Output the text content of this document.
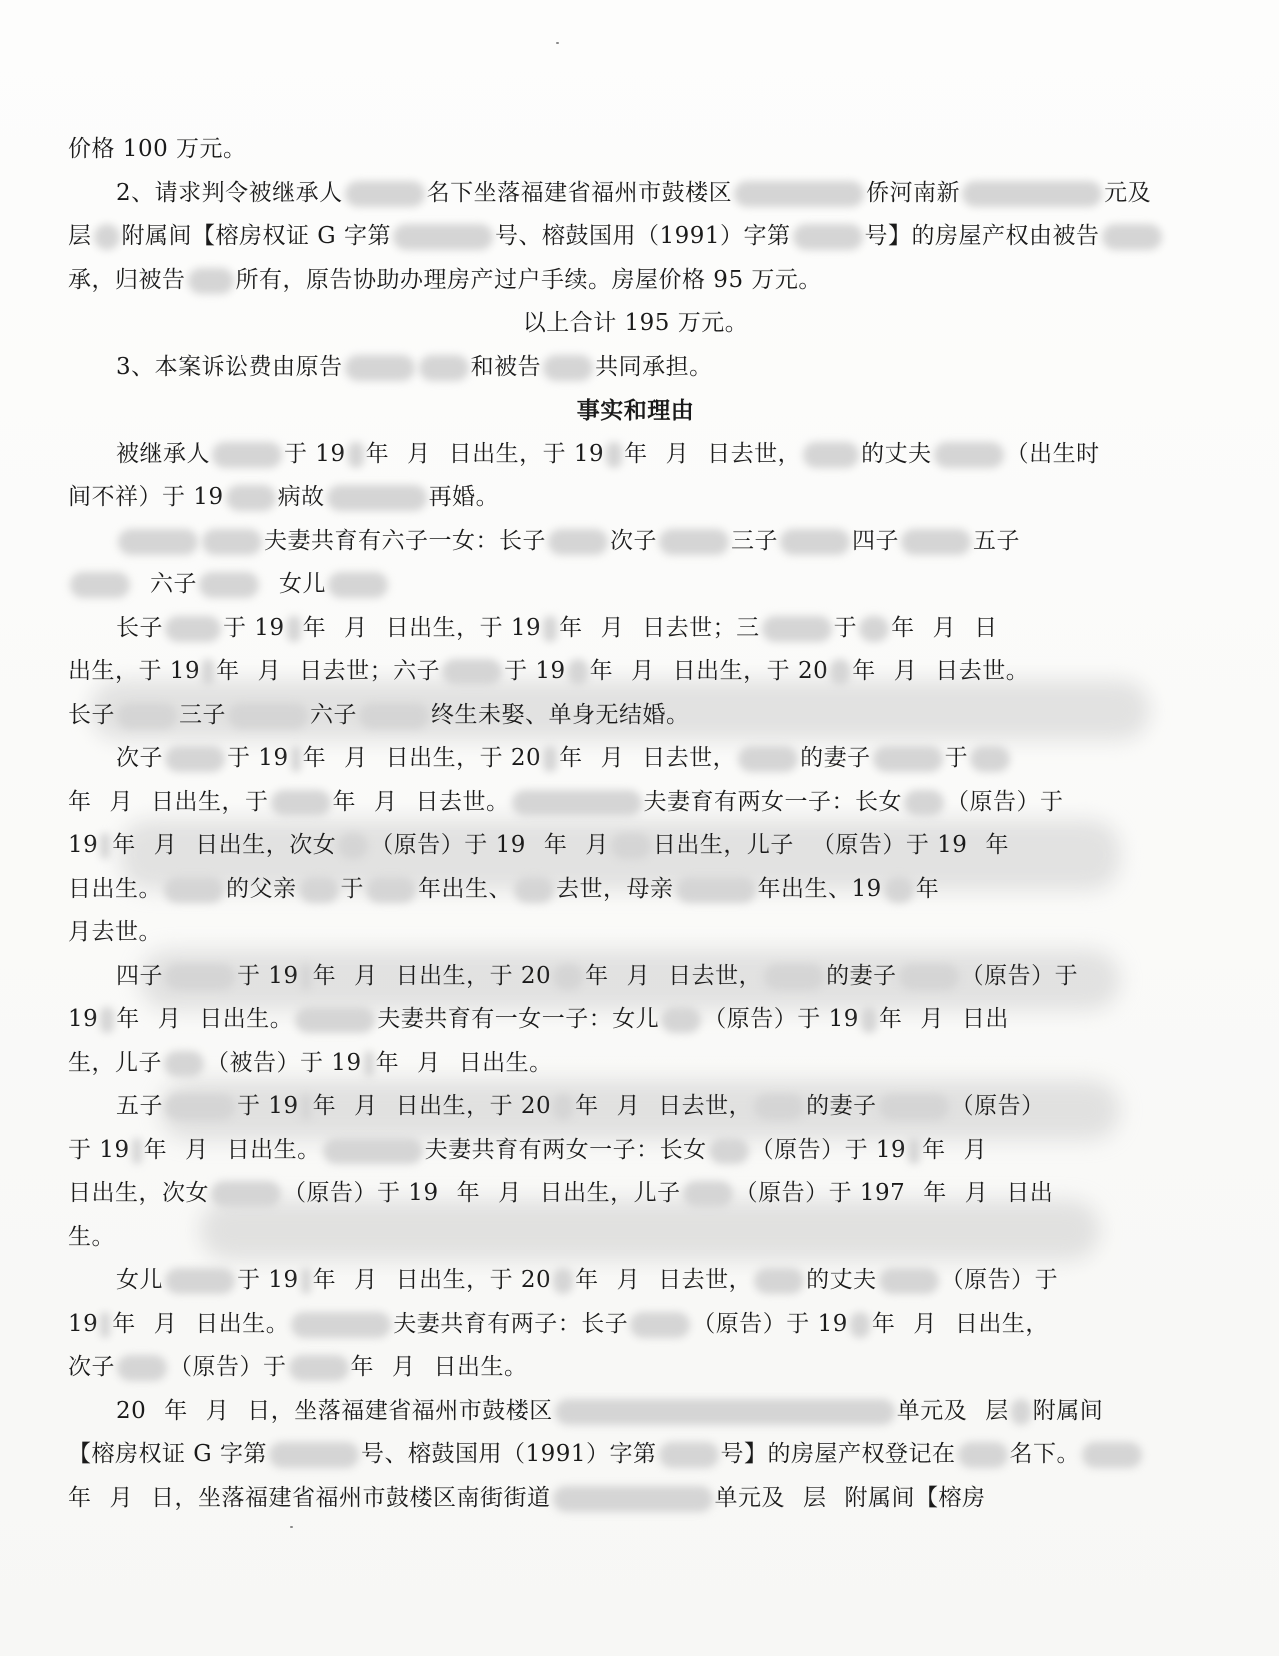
价格 100 万元。
2、请求判令被继承人	名下坐落福建省福州市鼓楼区	侨河南新	元及
层 附属间【榕房权证 G 字第	号、榕鼓国用（1991）字第	号】的房屋产权由被告
承，归被告 所有，原告协助办理房产过户手续。房屋价格 95 万元。
以上合计 195 万元。
3、本案诉讼费由原告	和被告 共同承担。
事实和理由
被继承人	于 19 年 月 日出生，于 19 年 月 日去世，	的丈夫	（出生时
间不祥）于 19 病故	再婚。
夫妻共育有六子一女：长子	次子	三子	四子	五子
六子	女儿
长子	于 19 年 月 日出生，于 19 年 月 日去世；三	于 年 月 日
出生，于 19 年 月 日去世；六子	于 19 年 月 日出生，于 20 年 月 日去世。
长子	三子	六子	终生未娶、单身无结婚。
次子	于 19 年 月 日出生，于 20 年 月 日去世，	的妻子	于
年 月 日出生，于	年 月 日去世。	夫妻育有两女一子：长女 （原告）于
19 年 月 日出生，次女 （原告）于 19 年 月 日出生，儿子 （原告）于 19 年
日出生。	的父亲 于 年出生、 去世，母亲	年出生、19 年
月去世。
四子	于 19 年 月 日出生，于 20 年 月 日去世，	的妻子	（原告）于
19 年 月 日出生。	夫妻共育有一女一子：女儿 （原告）于 19 年 月 日出
生，儿子 （被告）于 19 年 月 日出生。
五子	于 19 年 月 日出生，于 20 年 月 日去世， 的妻子	（原告）
于 19 年 月 日出生。	夫妻共育有两女一子：长女 （原告）于 19 年 月
日出生，次女	（原告）于 19 年 月 日出生，儿子 （原告）于 197 年 月 日出
生。
女儿	于 19 年 月 日出生，于 20 年 月 日去世， 的丈夫	（原告）于
19 年 月 日出生。	夫妻共育有两子：长子	（原告）于 19 年 月 日出生，
次子 （原告）于	年 月 日出生。
20 年 月 日，坐落福建省福州市鼓楼区	单元及 层 附属间
【榕房权证 G 字第	号、榕鼓国用（1991）字第	号】的房屋产权登记在 名下。
年 月 日，坐落福建省福州市鼓楼区南街街道	单元及 层 附属间【榕房
